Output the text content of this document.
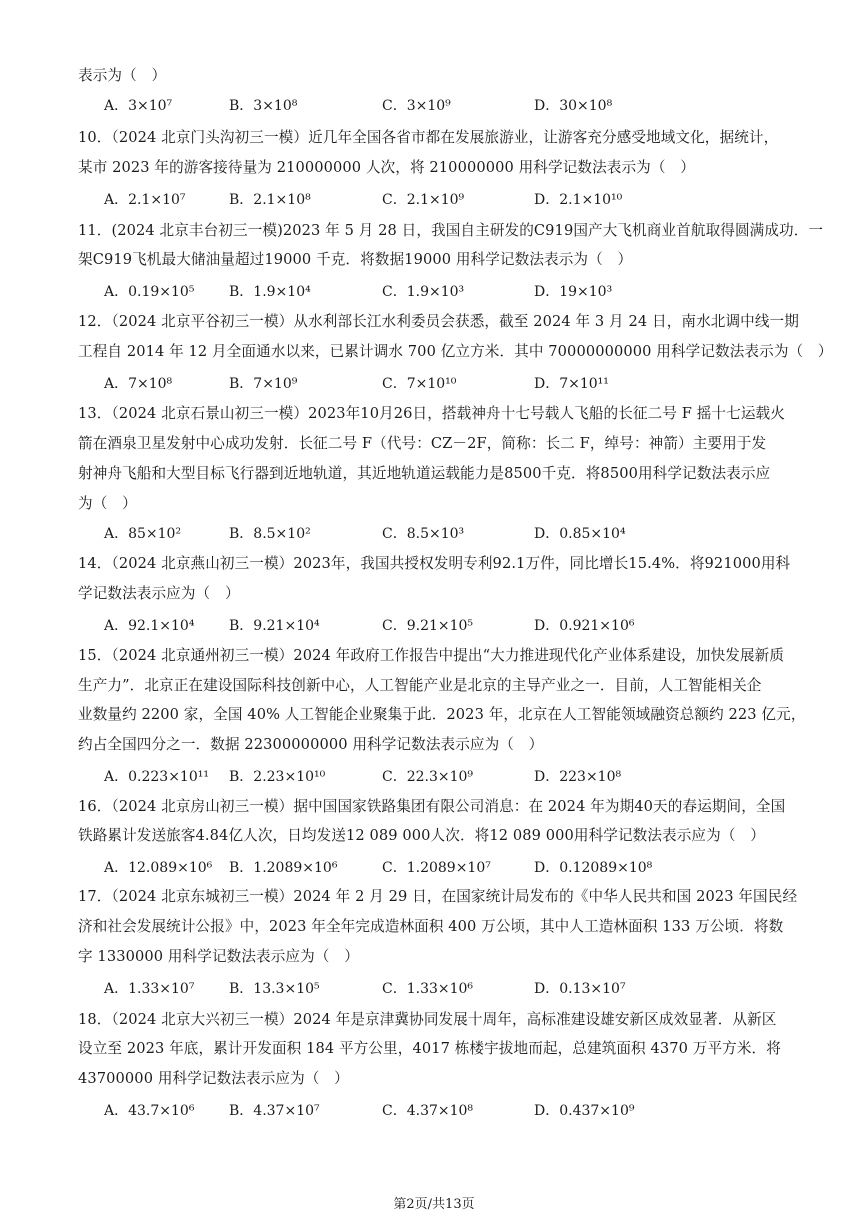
表示为（　）
A．3×10⁷	B．3×10⁸	C．3×10⁹	D．30×10⁸
10．（2024 北京门头沟初三一模）近几年全国各省市都在发展旅游业，让游客充分感受地域文化，据统计，
某市 2023 年的游客接待量为 210000000 人次，将 210000000 用科学记数法表示为（　）
A．2.1×10⁷	B．2.1×10⁸	C．2.1×10⁹	D．2.1×10¹⁰
11．(2024 北京丰台初三一模)2023 年 5 月 28 日，我国自主研发的C919国产大飞机商业首航取得圆满成功．一
架C919飞机最大储油量超过19000 千克．将数据19000 用科学记数法表示为（　）
A．0.19×10⁵ B．1.9×10⁴	C．1.9×10³	D．19×10³
12．（2024 北京平谷初三一模）从水利部长江水利委员会获悉，截至 2024 年 3 月 24 日，南水北调中线一期
工程自 2014 年 12 月全面通水以来，已累计调水 700 亿立方米．其中 70000000000 用科学记数法表示为（　）
A．7×10⁸	B．7×10⁹	C．7×10¹⁰	D．7×10¹¹
13．（2024 北京石景山初三一模）2023年10月26日，搭载神舟十七号载人飞船的长征二号 F 摇十七运载火
箭在酒泉卫星发射中心成功发射．长征二号 F（代号：CZ－2F，简称：长二 F，绰号：神箭）主要用于发
射神舟飞船和大型目标飞行器到近地轨道，其近地轨道运载能力是8500千克．将8500用科学记数法表示应
为（　）
A．85×10²	B．8.5×10²	C．8.5×10³	D．0.85×10⁴
14．（2024 北京燕山初三一模）2023年，我国共授权发明专利92.1万件，同比增长15.4%．将921000用科
学记数法表示应为（　）
A．92.1×10⁴ B．9.21×10⁴	C．9.21×10⁵	D．0.921×10⁶
15．（2024 北京通州初三一模）2024 年政府工作报告中提出“大力推进现代化产业体系建设，加快发展新质
生产力”．北京正在建设国际科技创新中心，人工智能产业是北京的主导产业之一．目前，人工智能相关企
业数量约 2200 家，全国 40% 人工智能企业聚集于此．2023 年，北京在人工智能领域融资总额约 223 亿元，
约占全国四分之一．数据 22300000000 用科学记数法表示应为（　）
A．0.223×10¹¹ B．2.23×10¹⁰	C．22.3×10⁹	D．223×10⁸
16．（2024 北京房山初三一模）据中国国家铁路集团有限公司消息：在 2024 年为期40天的春运期间，全国
铁路累计发送旅客4.84亿人次，日均发送12 089 000人次．将12 089 000用科学记数法表示应为（　）
A．12.089×10⁶ B．1.2089×10⁶	C．1.2089×10⁷	D．0.12089×10⁸
17．（2024 北京东城初三一模）2024 年 2 月 29 日，在国家统计局发布的《中华人民共和国 2023 年国民经
济和社会发展统计公报》中，2023 年全年完成造林面积 400 万公顷，其中人工造林面积 133 万公顷．将数
字 1330000 用科学记数法表示应为（　）
A．1.33×10⁷ B．13.3×10⁵	C．1.33×10⁶	D．0.13×10⁷
18．（2024 北京大兴初三一模）2024 年是京津冀协同发展十周年，高标准建设雄安新区成效显著．从新区
设立至 2023 年底，累计开发面积 184 平方公里，4017 栋楼宇拔地而起，总建筑面积 4370 万平方米．将
43700000 用科学记数法表示应为（　）
A．43.7×10⁶ B．4.37×10⁷	C．4.37×10⁸	D．0.437×10⁹
第2页/共13页
